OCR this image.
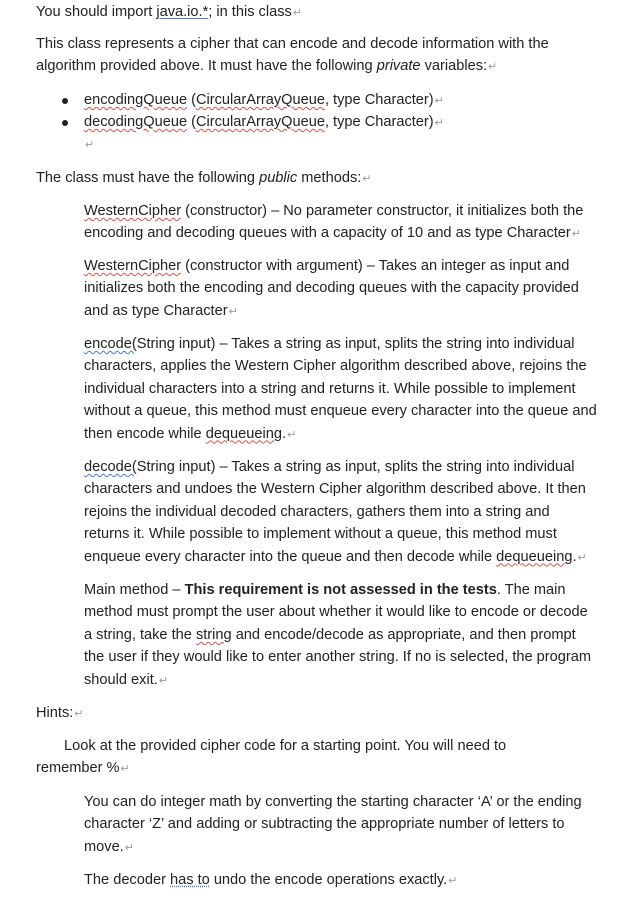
You should import java.io.*; in this class↵

This class represents a cipher that can encode and decode information with the algorithm provided above. It must have the following private variables:↵

encodingQueue (CircularArrayQueue, type Character)↵

decodingQueue (CircularArrayQueue, type Character)↵

↵

The class must have the following public methods:↵

WesternCipher (constructor) – No parameter constructor, it initializes both the encoding and decoding queues with a capacity of 10 and as type Character↵

WesternCipher (constructor with argument) – Takes an integer as input and initializes both the encoding and decoding queues with the capacity provided and as type Character↵

encode(String input) – Takes a string as input, splits the string into individual characters, applies the Western Cipher algorithm described above, rejoins the individual characters into a string and returns it. While possible to implement without a queue, this method must enqueue every character into the queue and then encode while dequeueing.↵

decode(String input) – Takes a string as input, splits the string into individual characters and undoes the Western Cipher algorithm described above. It then rejoins the individual decoded characters, gathers them into a string and returns it. While possible to implement without a queue, this method must enqueue every character into the queue and then decode while dequeueing.↵

Main method – This requirement is not assessed in the tests. The main method must prompt the user about whether it would like to encode or decode a string, take the string and encode/decode as appropriate, and then prompt the user if they would like to enter another string. If no is selected, the program should exit.↵

Hints:↵

Look at the provided cipher code for a starting point. You will need to remember %↵

You can do integer math by converting the starting character ‘A’ or the ending character ‘Z’ and adding or subtracting the appropriate number of letters to move.↵

The decoder has to undo the encode operations exactly.↵
